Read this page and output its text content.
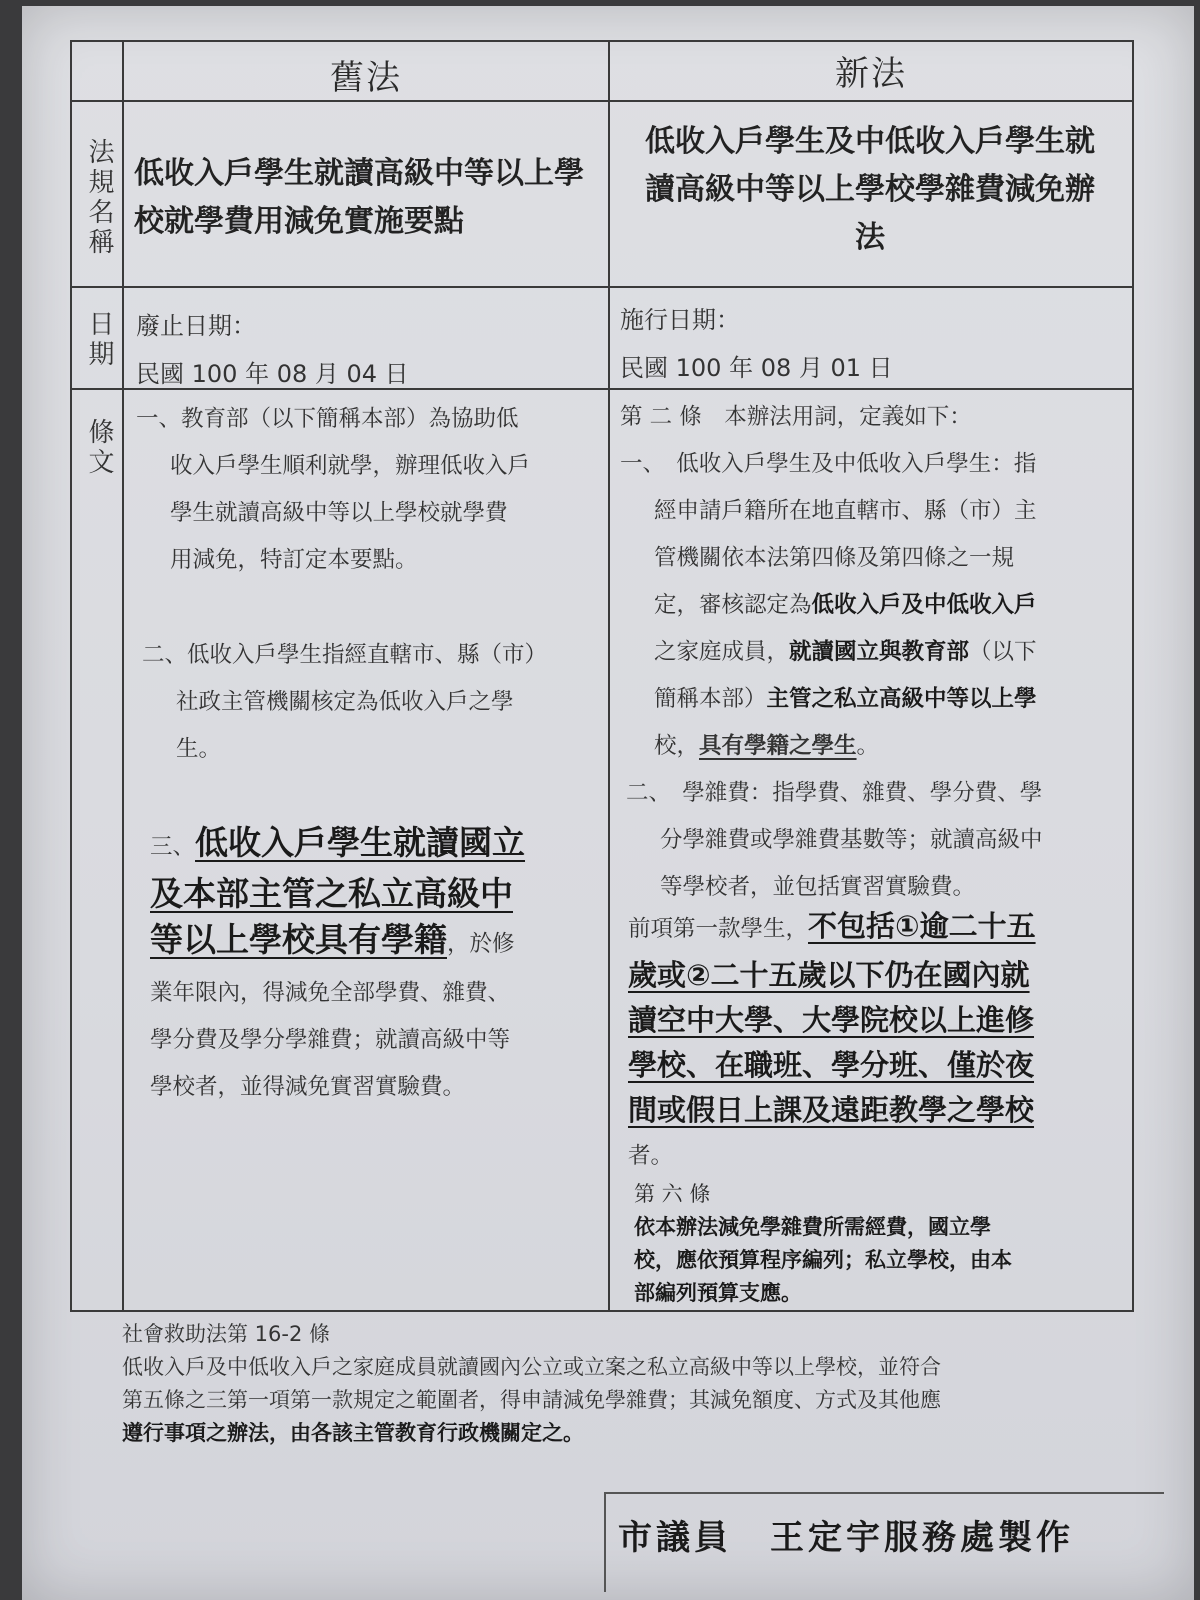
舊法	新法
法規名稱
日期
條文
低收入戶學生就讀高級中等以上學校就學費用減免實施要點
低收入戶學生及中低收入戶學生就讀高級中等以上學校學雜費減免辦法
廢止日期：
民國 100 年 08 月 04 日
施行日期：
民國 100 年 08 月 01 日
一、教育部（以下簡稱本部）為協助低
收入戶學生順利就學，辦理低收入戶
學生就讀高級中等以上學校就學費
用減免，特訂定本要點。
二、低收入戶學生指經直轄市、縣（市）
社政主管機關核定為低收入戶之學
生。
三、低收入戶學生就讀國立
及本部主管之私立高級中
等以上學校具有學籍，於修
業年限內，得減免全部學費、雜費、
學分費及學分學雜費；就讀高級中等
學校者，並得減免實習實驗費。
第 二 條　本辦法用詞，定義如下：
一、　低收入戶學生及中低收入戶學生：指
經申請戶籍所在地直轄市、縣（市）主
管機關依本法第四條及第四條之一規
定，審核認定為低收入戶及中低收入戶
之家庭成員，就讀國立與教育部（以下
簡稱本部）主管之私立高級中等以上學
校，具有學籍之學生。
二、　學雜費：指學費、雜費、學分費、學
分學雜費或學雜費基數等；就讀高級中
等學校者，並包括實習實驗費。
前項第一款學生，不包括①逾二十五
歲或②二十五歲以下仍在國內就
讀空中大學、大學院校以上進修
學校、在職班、學分班、僅於夜
間或假日上課及遠距教學之學校
者。
第 六 條
依本辦法減免學雜費所需經費，國立學
校，應依預算程序編列；私立學校，由本
部編列預算支應。
社會救助法第 16-2 條
低收入戶及中低收入戶之家庭成員就讀國內公立或立案之私立高級中等以上學校，並符合
第五條之三第一項第一款規定之範圍者，得申請減免學雜費；其減免額度、方式及其他應
遵行事項之辦法，由各該主管教育行政機關定之。
市議員　王定宇服務處製作
